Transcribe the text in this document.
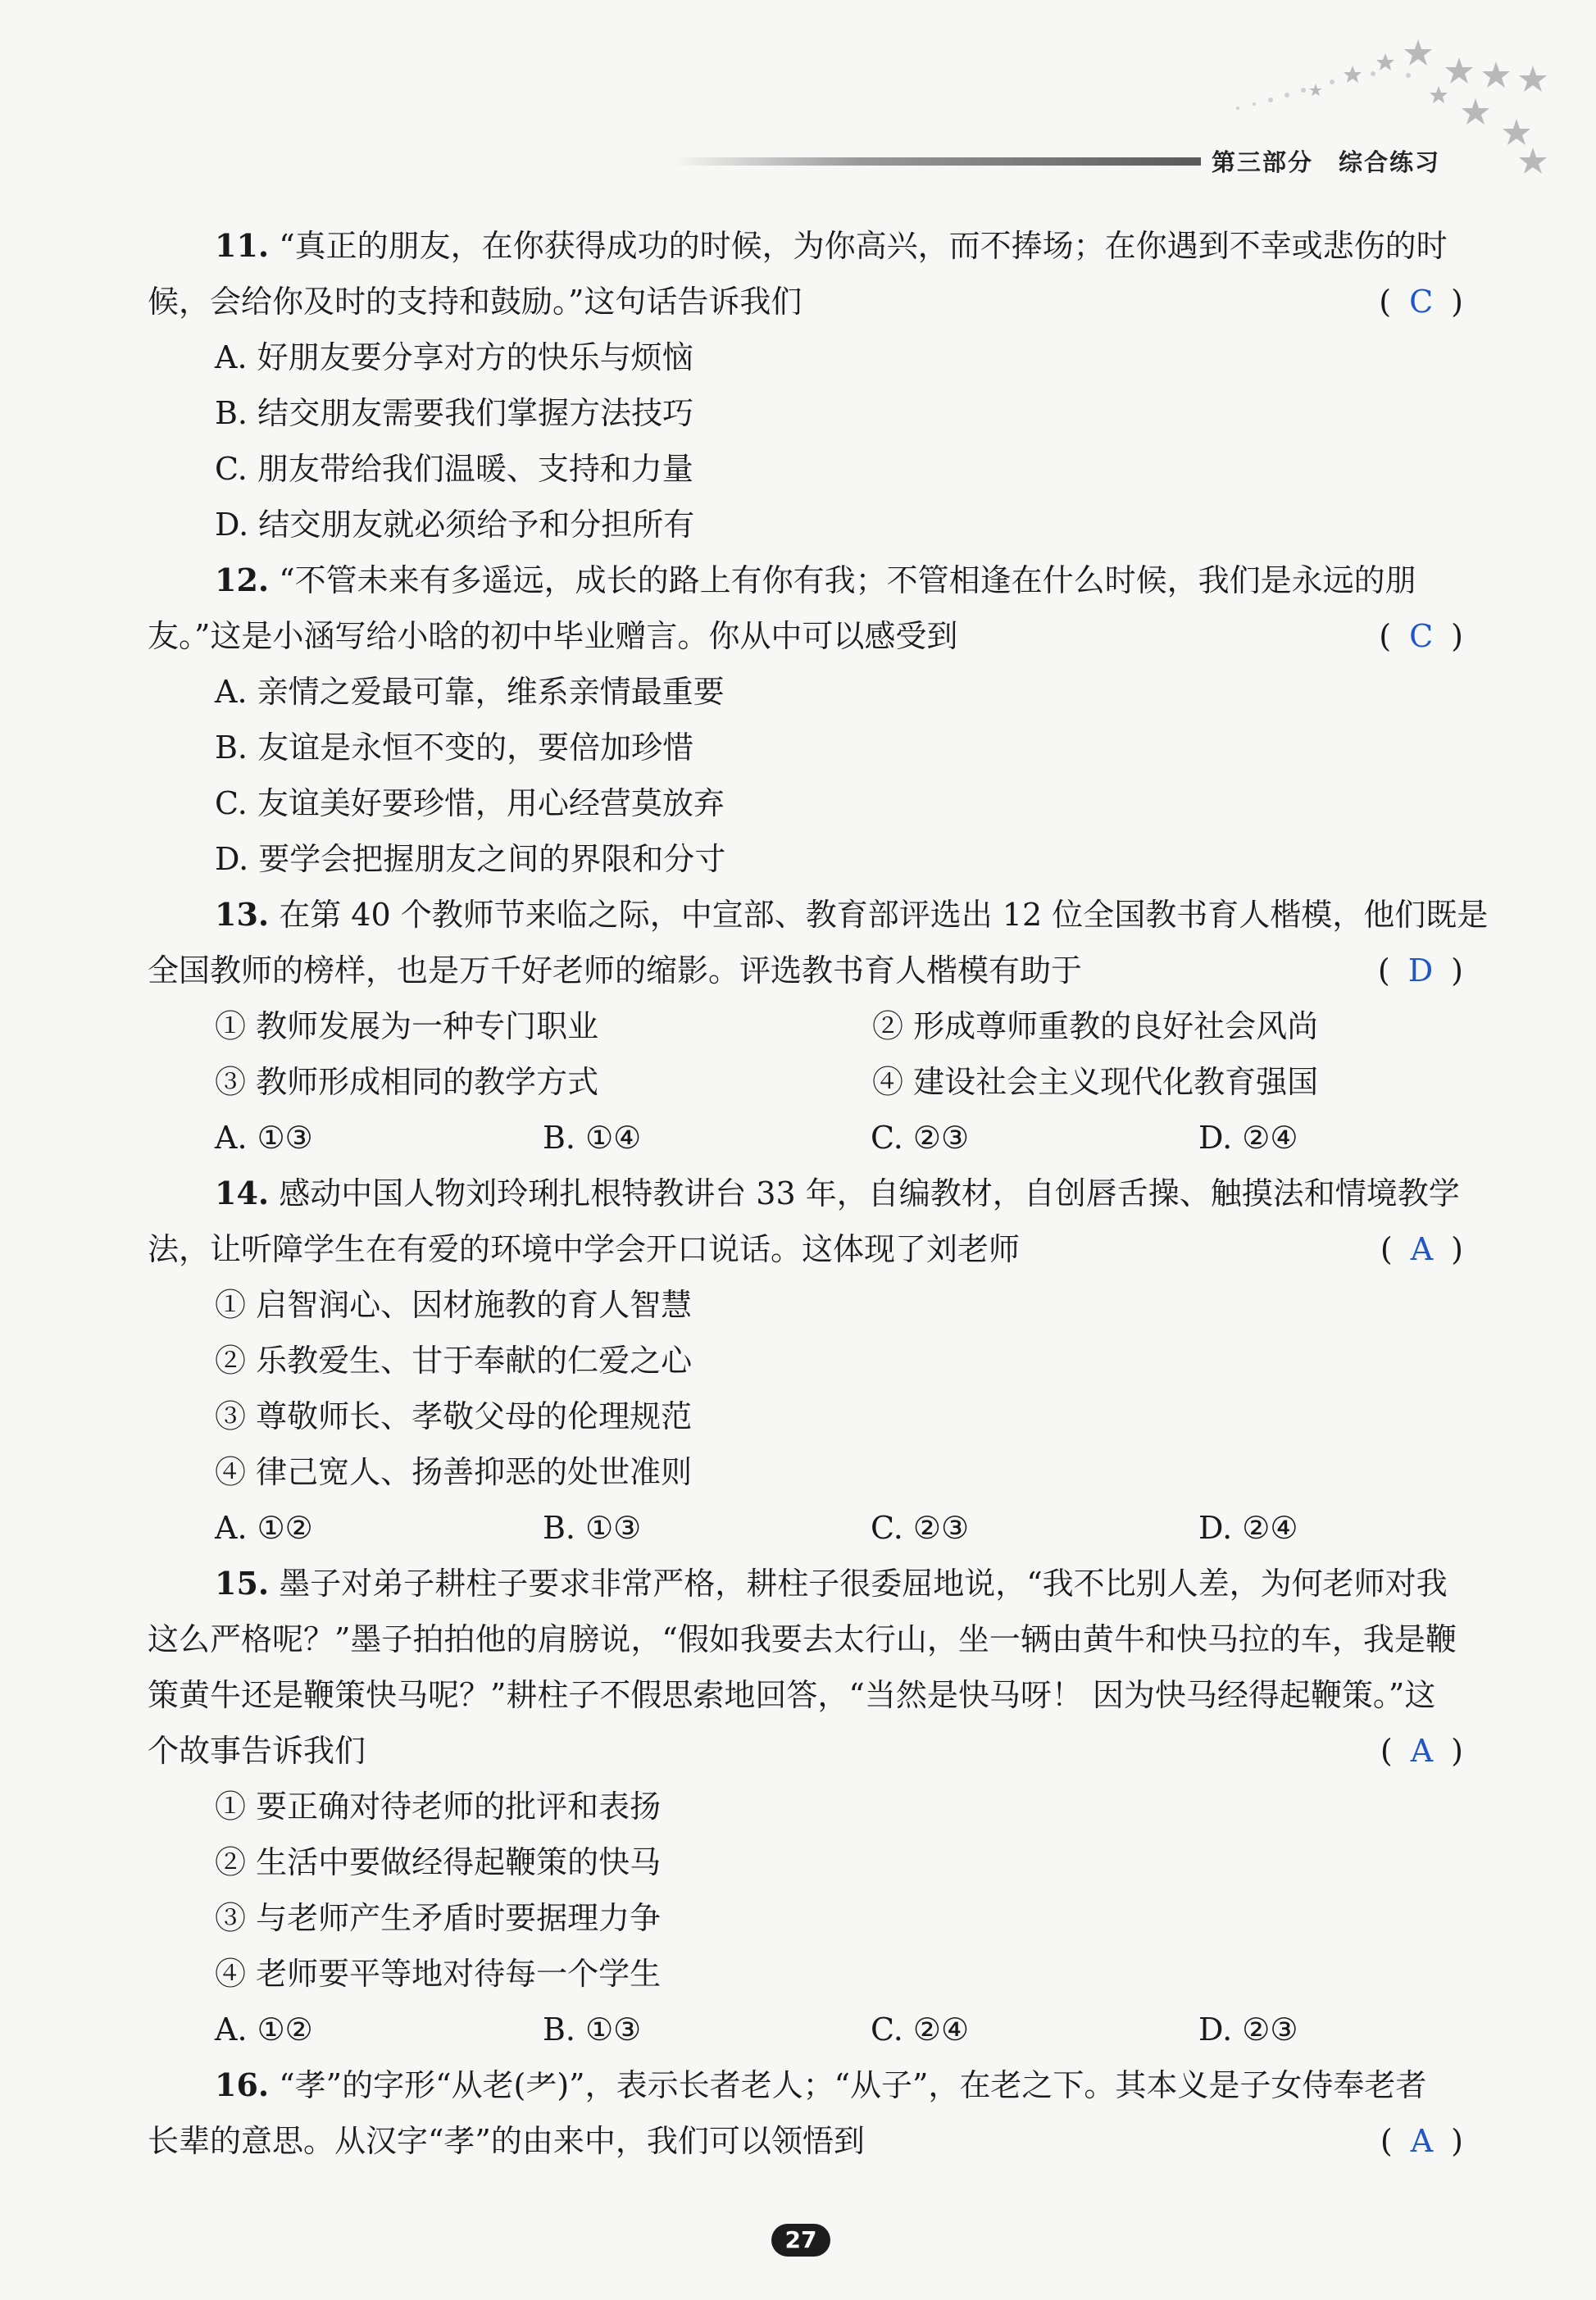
第三部分　综合练习
11. “真正的朋友，在你获得成功的时候，为你高兴，而不捧场；在你遇到不幸或悲伤的时
候，会给你及时的支持和鼓励。”这句话告诉我们	( C )
A. 好朋友要分享对方的快乐与烦恼
B. 结交朋友需要我们掌握方法技巧
C. 朋友带给我们温暖、支持和力量
D. 结交朋友就必须给予和分担所有
12. “不管未来有多遥远，成长的路上有你有我；不管相逢在什么时候，我们是永远的朋
友。”这是小涵写给小晗的初中毕业赠言。你从中可以感受到	( C )
A. 亲情之爱最可靠，维系亲情最重要
B. 友谊是永恒不变的，要倍加珍惜
C. 友谊美好要珍惜，用心经营莫放弃
D. 要学会把握朋友之间的界限和分寸
13. 在第 40 个教师节来临之际，中宣部、教育部评选出 12 位全国教书育人楷模，他们既是
全国教师的榜样，也是万千好老师的缩影。评选教书育人楷模有助于	( D )
① 教师发展为一种专门职业	② 形成尊师重教的良好社会风尚
③ 教师形成相同的教学方式	④ 建设社会主义现代化教育强国
A. ①③	B. ①④	C. ②③	D. ②④
14. 感动中国人物刘玲琍扎根特教讲台 33 年，自编教材，自创唇舌操、触摸法和情境教学
法，让听障学生在有爱的环境中学会开口说话。这体现了刘老师	( A )
① 启智润心、因材施教的育人智慧
② 乐教爱生、甘于奉献的仁爱之心
③ 尊敬师长、孝敬父母的伦理规范
④ 律己宽人、扬善抑恶的处世准则
A. ①②	B. ①③	C. ②③	D. ②④
15. 墨子对弟子耕柱子要求非常严格，耕柱子很委屈地说，“我不比别人差，为何老师对我
这么严格呢？”墨子拍拍他的肩膀说，“假如我要去太行山，坐一辆由黄牛和快马拉的车，我是鞭
策黄牛还是鞭策快马呢？”耕柱子不假思索地回答，“当然是快马呀！ 因为快马经得起鞭策。”这
个故事告诉我们	( A )
① 要正确对待老师的批评和表扬
② 生活中要做经得起鞭策的快马
③ 与老师产生矛盾时要据理力争
④ 老师要平等地对待每一个学生
A. ①②	B. ①③	C. ②④	D. ②③
16. “孝”的字形“从老(耂)”，表示长者老人；“从子”，在老之下。其本义是子女侍奉老者
长辈的意思。从汉字“孝”的由来中，我们可以领悟到	( A )
27
